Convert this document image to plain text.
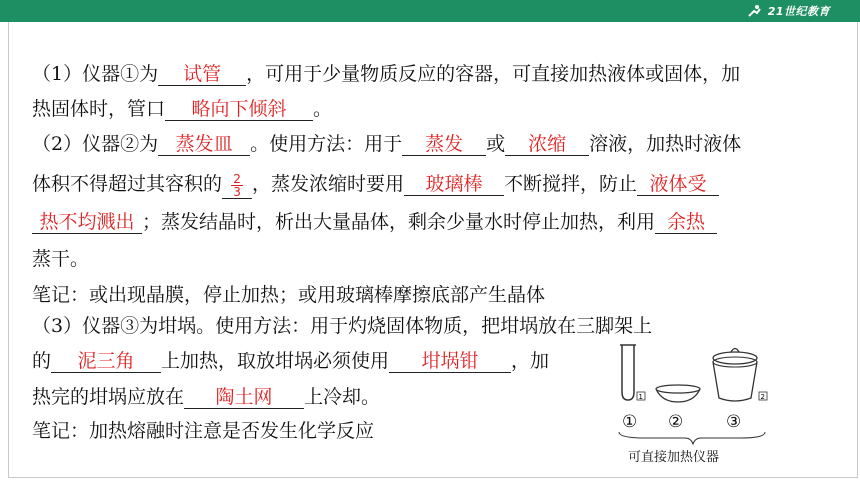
21世纪教育
（1）仪器①为 试管 ，可用于少量物质反应的容器，可直接加热液体或固体，加
热固体时，管口 略向下倾斜 。
（2）仪器②为 蒸发皿 。使用方法：用于 蒸发 或 浓缩 溶液，加热时液体
体积不得超过其容积的 $\frac{2}{3}$ ，蒸发浓缩时要用 玻璃棒 不断搅拌，防止 液体受
热不均溅出 ；蒸发结晶时，析出大量晶体，剩余少量水时停止加热，利用 余热
蒸干。
笔记：或出现晶膜，停止加热；或用玻璃棒摩擦底部产生晶体
（3）仪器③为坩埚。使用方法：用于灼烧固体物质，把坩埚放在三脚架上
的 泥三角 上加热，取放坩埚必须使用 坩埚钳 ，加
热完的坩埚应放在 陶土网 上冷却。
笔记：加热熔融时注意是否发生化学反应
1	2
① ②	③
可直接加热仪器
